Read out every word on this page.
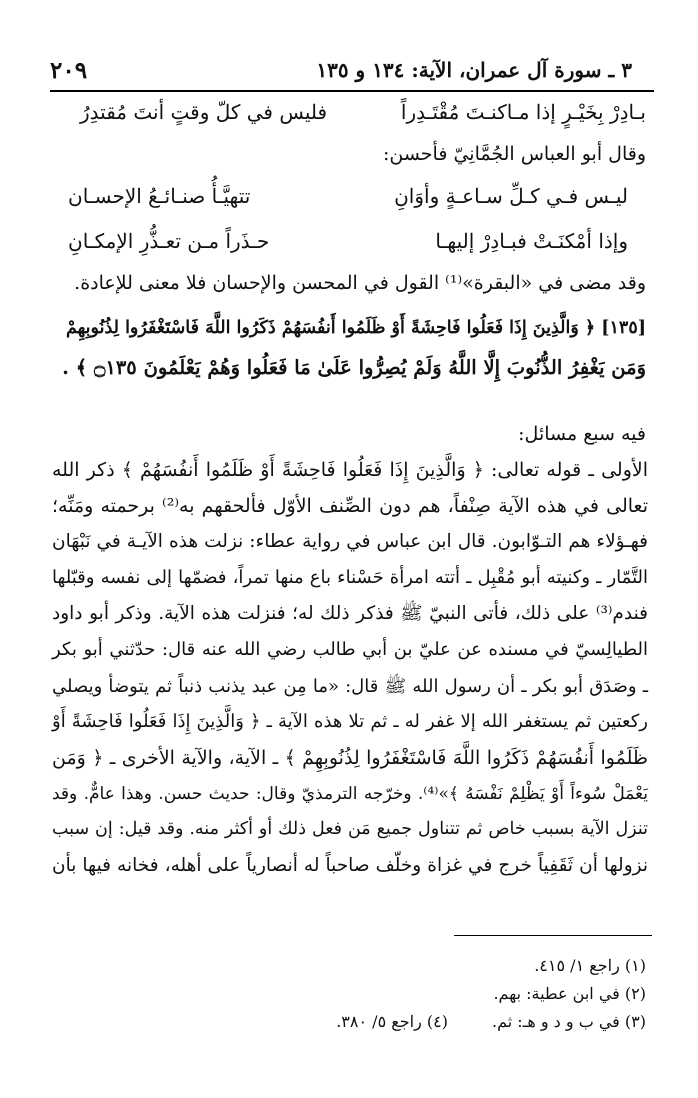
٢٠٩	٣ ـ سورة آل عمران، الآية: ١٣٤ و ١٣٥
بـادِرْ بِخَيْـرٍ إذا مـاكنـتَ مُقْتَـدِراً
فليس في كلّ وقتٍ أنتَ مُقتدِرُ
وقال أبو العباس الجُمَّانِيّ فأحسن:
ليـس فـي كـلِّ سـاعـةٍ وأوَانِ
تتهيَّـأُ صنـائـعُ الإحسـان
وإذا أمْكنَـتْ فبـادِرْ إليهـا
حـذَراً مـن تعـذُّرِ الإمكـانِ
وقد مضى في «البقرة»⁽¹⁾ القول في المحسن والإحسان فلا معنى للإعادة.
[١٣٥] ﴿ وَالَّذِينَ إِذَا فَعَلُوا فَاحِشَةً أَوْ ظَلَمُوا أَنفُسَهُمْ ذَكَرُوا اللَّهَ فَاسْتَغْفَرُوا لِذُنُوبِهِمْ
وَمَن يَغْفِرُ الذُّنُوبَ إِلَّا اللَّهُ وَلَمْ يُصِرُّوا عَلَىٰ مَا فَعَلُوا وَهُمْ يَعْلَمُونَ ۝١٣٥ ﴾ .
فيه سبع مسائل:
الأولى ـ قوله تعالى: ﴿ وَالَّذِينَ إِذَا فَعَلُوا فَاحِشَةً أَوْ ظَلَمُوا أَنفُسَهُمْ ﴾ ذكر الله
تعالى في هذه الآية صِنْفاً، هم دون الصِّنف الأوّل فألحقهم به⁽²⁾ برحمته ومَنِّه؛
فهـؤلاء هم التـوّابون. قال ابن عباس في رواية عطاء: نزلت هذه الآيـة في نَبْهَان
التَّمّار ـ وكنيته أبو مُقْبِل ـ أتته امرأة حَسْناء باع منها تمراً، فضمّها إلى نفسه وقبّلها
فندم⁽³⁾ على ذلك، فأتى النبيّ ﷺ فذكر ذلك له؛ فنزلت هذه الآية. وذكر أبو داود
الطيالِسيّ في مسنده عن عليّ بن أبي طالب رضي الله عنه قال: حدّثني أبو بكر
ـ وصَدَق أبو بكر ـ أن رسول الله ﷺ قال: «ما مِن عبد يذنب ذنباً ثم يتوضأ ويصلي
ركعتين ثم يستغفر الله إلا غفر له ـ ثم تلا هذه الآية ـ ﴿ وَالَّذِينَ إِذَا فَعَلُوا فَاحِشَةً أَوْ
ظَلَمُوا أَنفُسَهُمْ ذَكَرُوا اللَّهَ فَاسْتَغْفَرُوا لِذُنُوبِهِمْ ﴾ ـ الآية، والآية الأخرى ـ ﴿ وَمَن
يَعْمَلْ سُوءاً أَوْ يَظْلِمْ نَفْسَهُ ﴾»⁽⁴⁾. وخرّجه الترمذيّ وقال: حديث حسن. وهذا عامٌّ. وقد
تنزل الآية بسبب خاص ثم تتناول جميع مَن فعل ذلك أو أكثر منه. وقد قيل: إن سبب
نزولها أن ثَقَفِياً خرج في غزاة وخلّف صاحباً له أنصارياً على أهله، فخانه فيها بأن
(١) راجع ١/ ٤١٥.
(٢) في ابن عطية: بهم.
(٣) في ب و د و هـ: ثم.
(٤) راجع ٥/ ٣٨٠.
